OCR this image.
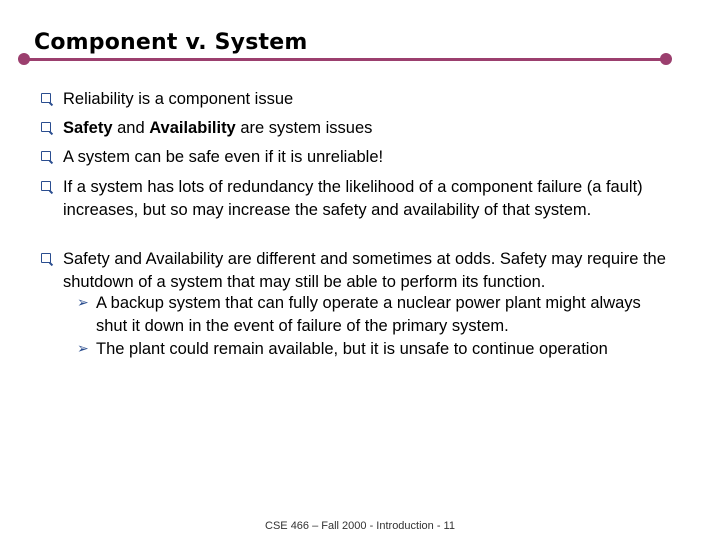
Component v. System
Reliability is a component issue
Safety and Availability are system issues
A system can be safe even if it is unreliable!
If a system has lots of redundancy the likelihood of a component failure (a fault) increases, but so may increase the safety and availability of that system.
Safety and Availability are different and sometimes at odds. Safety may require the shutdown of a system that may still be able to perform its function.
➢ A backup system that can fully operate a nuclear power plant might always shut it down in the event of failure of the primary system.
➢ The plant could remain available, but it is unsafe to continue operation
CSE 466 – Fall 2000 - Introduction - 11
